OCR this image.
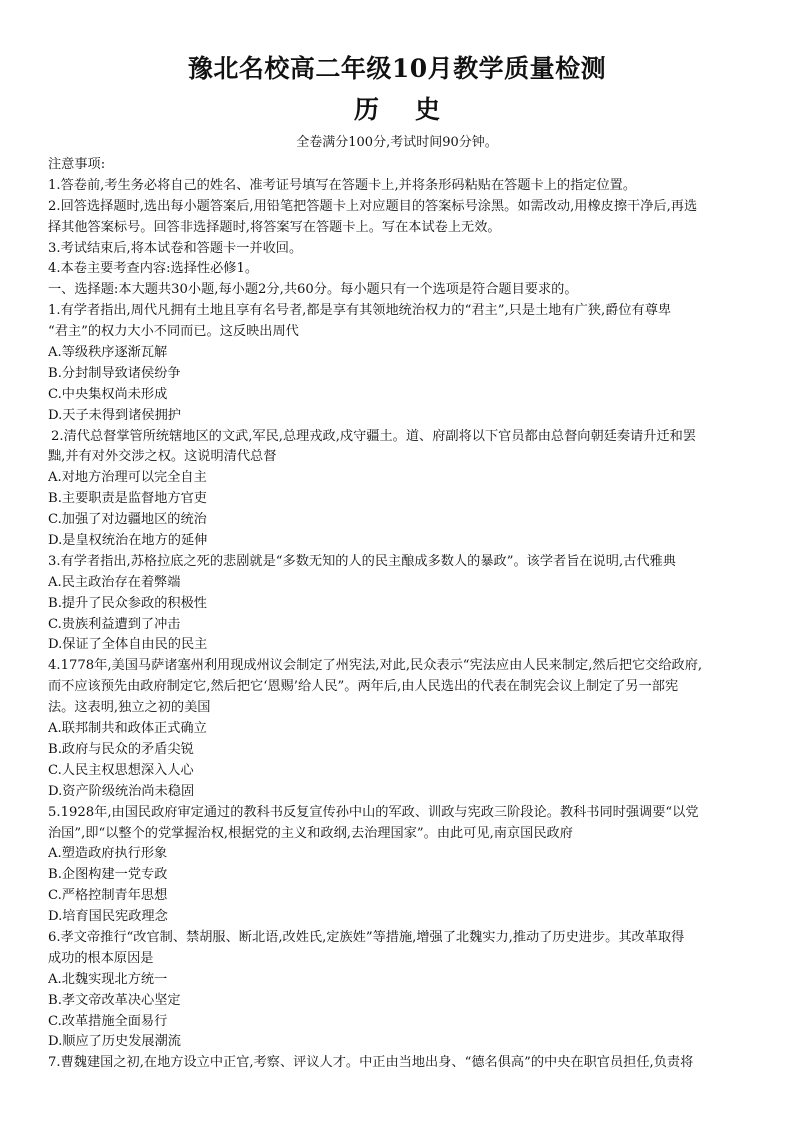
豫北名校高二年级10月教学质量检测
历 史
全卷满分100分,考试时间90分钟。
注意事项:
1.答卷前,考生务必将自己的姓名、准考证号填写在答题卡上,并将条形码粘贴在答题卡上的指定位置。
2.回答选择题时,选出每小题答案后,用铅笔把答题卡上对应题目的答案标号涂黑。如需改动,用橡皮擦干净后,再选
择其他答案标号。回答非选择题时,将答案写在答题卡上。写在本试卷上无效。
3.考试结束后,将本试卷和答题卡一并收回。
4.本卷主要考查内容:选择性必修1。
一、选择题:本大题共30小题,每小题2分,共60分。每小题只有一个选项是符合题目要求的。
1.有学者指出,周代凡拥有土地且享有名号者,都是享有其领地统治权力的“君主”,只是土地有广狭,爵位有尊卑
“君主”的权力大小不同而已。这反映出周代
A.等级秩序逐渐瓦解
B.分封制导致诸侯纷争
C.中央集权尚未形成
D.天子未得到诸侯拥护
2.清代总督掌管所统辖地区的文武,军民,总理戎政,戍守疆土。道、府副将以下官员都由总督向朝廷奏请升迁和罢
黜,并有对外交涉之权。这说明清代总督
A.对地方治理可以完全自主
B.主要职责是监督地方官吏
C.加强了对边疆地区的统治
D.是皇权统治在地方的延伸
3.有学者指出,苏格拉底之死的悲剧就是“多数无知的人的民主酿成多数人的暴政”。该学者旨在说明,古代雅典
A.民主政治存在着弊端
B.提升了民众参政的积极性
C.贵族利益遭到了冲击
D.保证了全体自由民的民主
4.1778年,美国马萨诸塞州利用现成州议会制定了州宪法,对此,民众表示“宪法应由人民来制定,然后把它交给政府,
而不应该预先由政府制定它,然后把它‘恩赐’给人民”。两年后,由人民选出的代表在制宪会议上制定了另一部宪
法。这表明,独立之初的美国
A.联邦制共和政体正式确立
B.政府与民众的矛盾尖锐
C.人民主权思想深入人心
D.资产阶级统治尚未稳固
5.1928年,由国民政府审定通过的教科书反复宣传孙中山的军政、训政与宪政三阶段论。教科书同时强调要“以党
治国”,即“以整个的党掌握治权,根据党的主义和政纲,去治理国家”。由此可见,南京国民政府
A.塑造政府执行形象
B.企图构建一党专政
C.严格控制青年思想
D.培育国民宪政理念
6.孝文帝推行“改官制、禁胡服、断北语,改姓氏,定族姓”等措施,增强了北魏实力,推动了历史进步。其改革取得
成功的根本原因是
A.北魏实现北方统一
B.孝文帝改革决心坚定
C.改革措施全面易行
D.顺应了历史发展潮流
7.曹魏建国之初,在地方设立中正官,考察、评议人才。中正由当地出身、“德名俱高”的中央在职官员担任,负责将
